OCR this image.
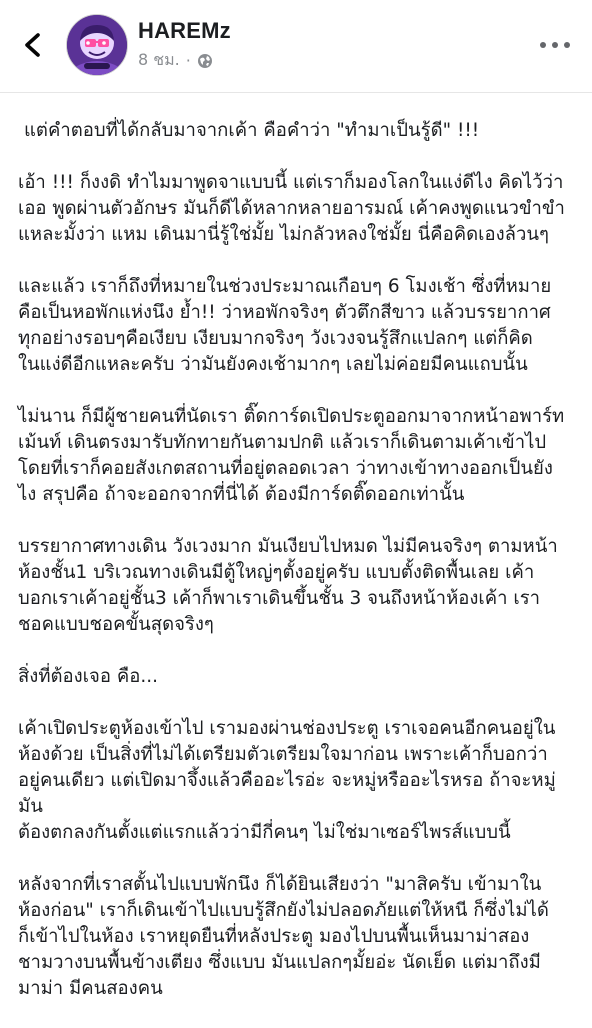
HAREMz
8 ชม. ·

แต่คำตอบที่ได้กลับมาจากเค้า คือคำว่า "ทำมาเป็นรู้ดี" !!!

เอ้า !!! ก็งงดิ ทำไมมาพูดจาแบบนี้ แต่เราก็มองโลกในแง่ดีไง คิดไว้ว่า
เออ พูดผ่านตัวอักษร มันก็ดีได้หลากหลายอารมณ์ เค้าคงพูดแนวขำขำ
แหละมั้งว่า แหม เดินมานี่รู้ใช่มั้ย ไม่กลัวหลงใช่มั้ย นี่คือคิดเองล้วนๆ

และแล้ว เราก็ถึงที่หมายในช่วงประมาณเกือบๆ 6 โมงเช้า ซึ่งที่หมาย
คือเป็นหอพักแห่งนึง ย้ำ!! ว่าหอพักจริงๆ ตัวตึกสีขาว แล้วบรรยากาศ
ทุกอย่างรอบๆคือเงียบ เงียบมากจริงๆ วังเวงจนรู้สึกแปลกๆ แต่ก็คิด
ในแง่ดีอีกแหละครับ ว่ามันยังคงเช้ามากๆ เลยไม่ค่อยมีคนแถบนั้น

ไม่นาน ก็มีผู้ชายคนที่นัดเรา ติ๊ดการ์ดเปิดประตูออกมาจากหน้าอพาร์ท
เม้นท์ เดินตรงมารับทักทายกันตามปกติ แล้วเราก็เดินตามเค้าเข้าไป
โดยที่เราก็คอยสังเกตสถานที่อยู่ตลอดเวลา ว่าทางเข้าทางออกเป็นยัง
ไง สรุปคือ ถ้าจะออกจากที่นี่ได้ ต้องมีการ์ดติ๊ดออกเท่านั้น

บรรยากาศทางเดิน วังเวงมาก มันเงียบไปหมด ไม่มีคนจริงๆ ตามหน้า
ห้องชั้น1 บริเวณทางเดินมีตู้ใหญ่ๆตั้งอยู่ครับ แบบตั้งติดพื้นเลย เค้า
บอกเราเค้าอยู่ชั้น3 เค้าก็พาเราเดินขึ้นชั้น 3 จนถึงหน้าห้องเค้า เรา
ชอคแบบชอคขั้นสุดจริงๆ

สิ่งที่ต้องเจอ คือ...

เค้าเปิดประตูห้องเข้าไป เรามองผ่านช่องประตู เราเจอคนอีกคนอยู่ใน
ห้องด้วย เป็นสิ่งที่ไม่ได้เตรียมตัวเตรียมใจมาก่อน เพราะเค้าก็บอกว่า
อยู่คนเดียว แต่เปิดมาจึ้งแล้วคืออะไรอ่ะ จะหมู่หรืออะไรหรอ ถ้าจะหมู่มัน
ต้องตกลงกันตั้งแต่แรกแล้วว่ามีกี่คนๆ ไม่ใช่มาเซอร์ไพรส์แบบนี้

หลังจากที่เราสตั้นไปแบบพักนึง ก็ได้ยินเสียงว่า "มาสิครับ เข้ามาใน
ห้องก่อน" เราก็เดินเข้าไปแบบรู้สึกยังไม่ปลอดภัยแต่ให้หนี ก็ซึ่งไม่ได้
ก็เข้าไปในห้อง เราหยุดยืนที่หลังประตู มองไปบนพื้นเห็นมาม่าสอง
ชามวางบนพื้นข้างเตียง ซึ่งแบบ มันแปลกๆมั้ยอ่ะ นัดเย็ด แต่มาถึงมี
มาม่า มีคนสองคน
